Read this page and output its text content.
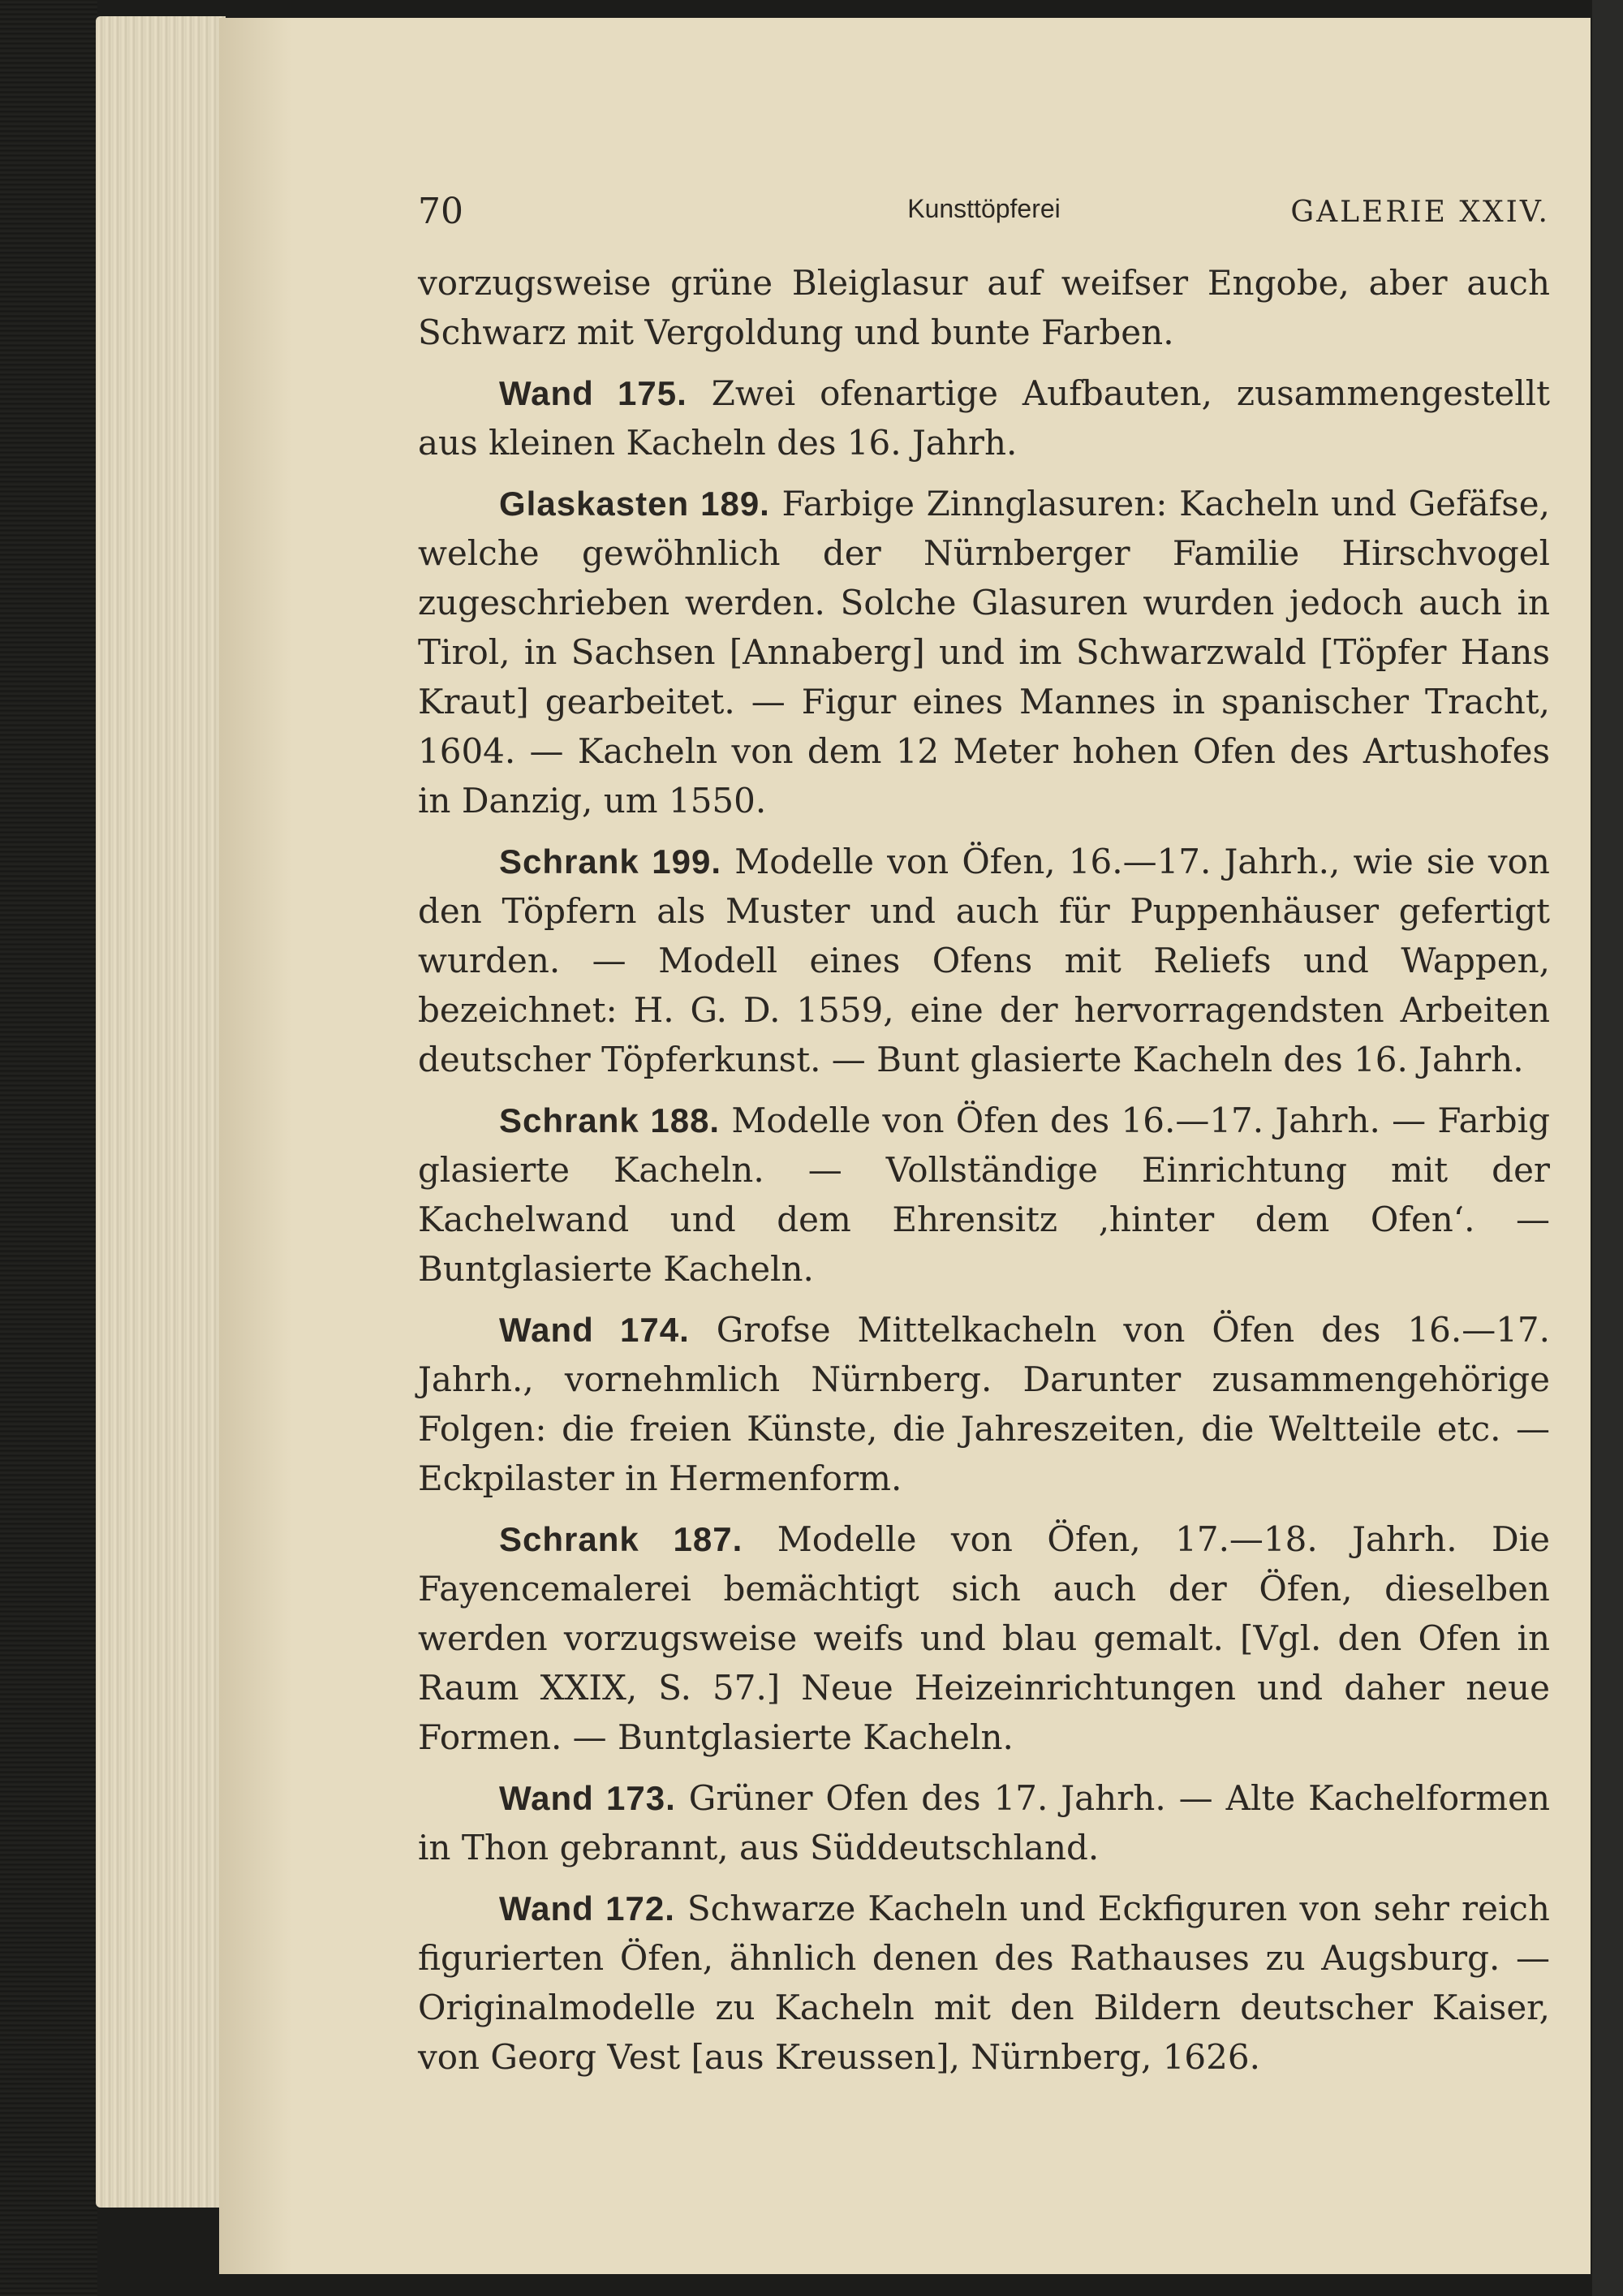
70	Kunsttöpferei	GALERIE XXIV.

vorzugsweise grüne Bleiglasur auf weifser Engobe, aber auch Schwarz mit Vergoldung und bunte Farben.

Wand 175. Zwei ofenartige Aufbauten, zusammengestellt aus kleinen Kacheln des 16. Jahrh.

Glaskasten 189. Farbige Zinnglasuren: Kacheln und Gefäfse, welche gewöhnlich der Nürnberger Familie Hirschvogel zugeschrieben werden. Solche Glasuren wurden jedoch auch in Tirol, in Sachsen [Annaberg] und im Schwarzwald [Töpfer Hans Kraut] gearbeitet. — Figur eines Mannes in spanischer Tracht, 1604. — Kacheln von dem 12 Meter hohen Ofen des Artushofes in Danzig, um 1550.

Schrank 199. Modelle von Öfen, 16.—17. Jahrh., wie sie von den Töpfern als Muster und auch für Puppenhäuser gefertigt wurden. — Modell eines Ofens mit Reliefs und Wappen, bezeichnet: H. G. D. 1559, eine der hervorragendsten Arbeiten deutscher Töpferkunst. — Bunt glasierte Kacheln des 16. Jahrh.

Schrank 188. Modelle von Öfen des 16.—17. Jahrh. — Farbig glasierte Kacheln. — Vollständige Einrichtung mit der Kachelwand und dem Ehrensitz ‚hinter dem Ofen‘. — Buntglasierte Kacheln.

Wand 174. Grofse Mittelkacheln von Öfen des 16.—17. Jahrh., vornehmlich Nürnberg. Darunter zusammengehörige Folgen: die freien Künste, die Jahreszeiten, die Weltteile etc. — Eckpilaster in Hermenform.

Schrank 187. Modelle von Öfen, 17.—18. Jahrh. Die Fayencemalerei bemächtigt sich auch der Öfen, dieselben werden vorzugsweise weifs und blau gemalt. [Vgl. den Ofen in Raum XXIX, S. 57.] Neue Heizeinrichtungen und daher neue Formen. — Buntglasierte Kacheln.

Wand 173. Grüner Ofen des 17. Jahrh. — Alte Kachelformen in Thon gebrannt, aus Süddeutschland.

Wand 172. Schwarze Kacheln und Eckfiguren von sehr reich figurierten Öfen, ähnlich denen des Rathauses zu Augsburg. — Originalmodelle zu Kacheln mit den Bildern deutscher Kaiser, von Georg Vest [aus Kreussen], Nürnberg, 1626.
